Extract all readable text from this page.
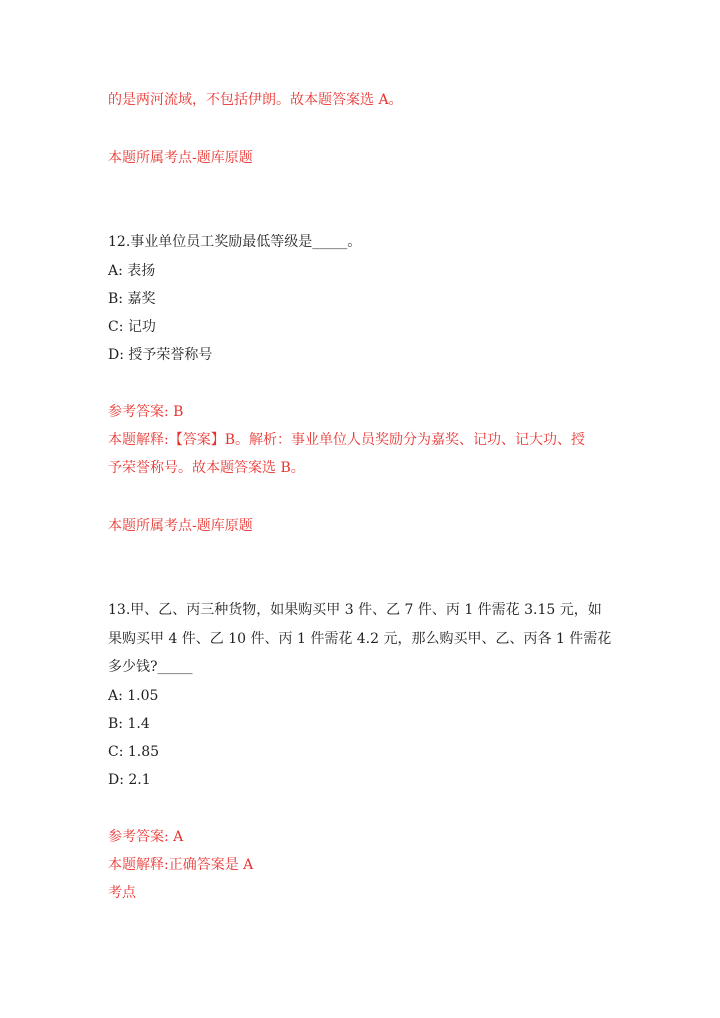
的是两河流域，不包括伊朗。故本题答案选 A。
本题所属考点-题库原题
12.事业单位员工奖励最低等级是_____。
A: 表扬
B: 嘉奖
C: 记功
D: 授予荣誉称号
参考答案: B
本题解释:【答案】B。解析：事业单位人员奖励分为嘉奖、记功、记大功、授
予荣誉称号。故本题答案选 B。
本题所属考点-题库原题
13.甲、乙、丙三种货物，如果购买甲 3 件、乙 7 件、丙 1 件需花 3.15 元，如
果购买甲 4 件、乙 10 件、丙 1 件需花 4.2 元，那么购买甲、乙、丙各 1 件需花
多少钱?_____
A: 1.05
B: 1.4
C: 1.85
D: 2.1
参考答案: A
本题解释:正确答案是 A
考点
